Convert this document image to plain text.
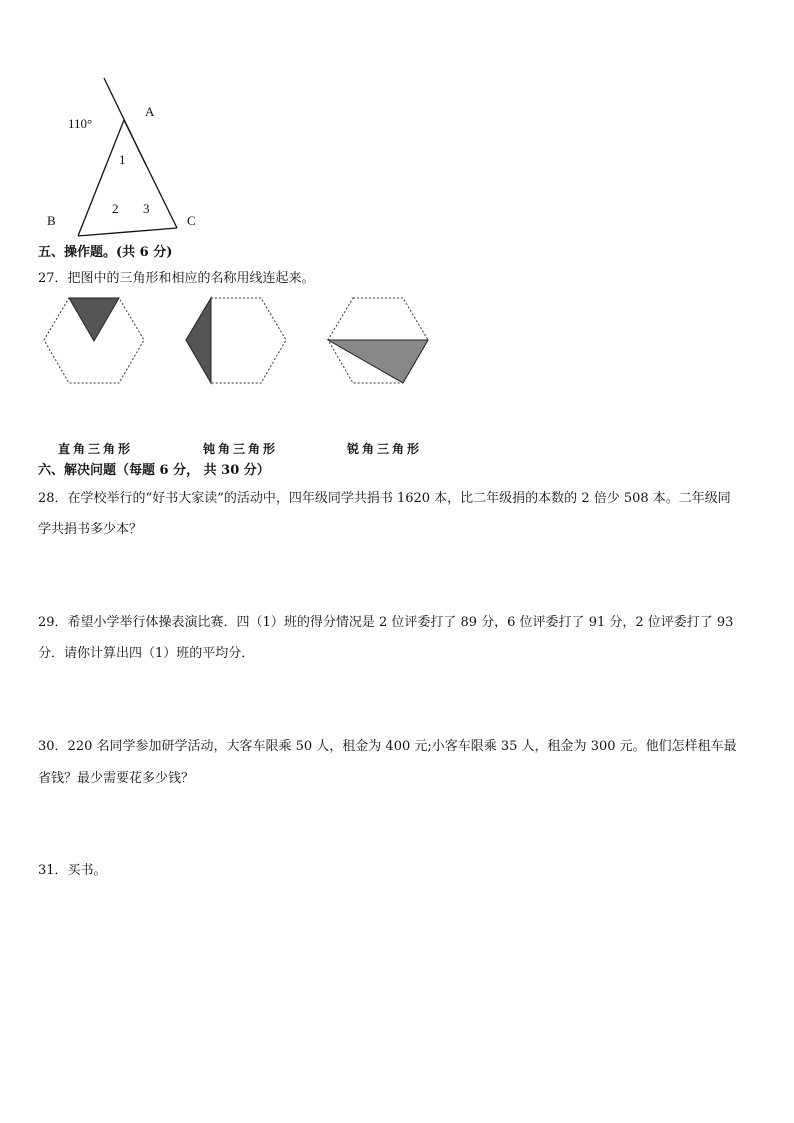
110°
A
B	C
1
2 3
五、操作题。(共 6 分)
27．把图中的三角形和相应的名称用线连起来。
直角三角形	钝角三角形	锐角三角形
六、解决问题（每题 6 分， 共 30 分）
28．在学校举行的“好书大家读”的活动中，四年级同学共捐书 1620 本，比二年级捐的本数的 2 倍少 508 本。二年级同
学共捐书多少本？
29．希望小学举行体操表演比赛．四（1）班的得分情况是 2 位评委打了 89 分，6 位评委打了 91 分，2 位评委打了 93
分．请你计算出四（1）班的平均分．
30．220 名同学参加研学活动，大客车限乘 50 人，租金为 400 元;小客车限乘 35 人，租金为 300 元。他们怎样租车最
省钱？最少需要花多少钱？
31．买书。
